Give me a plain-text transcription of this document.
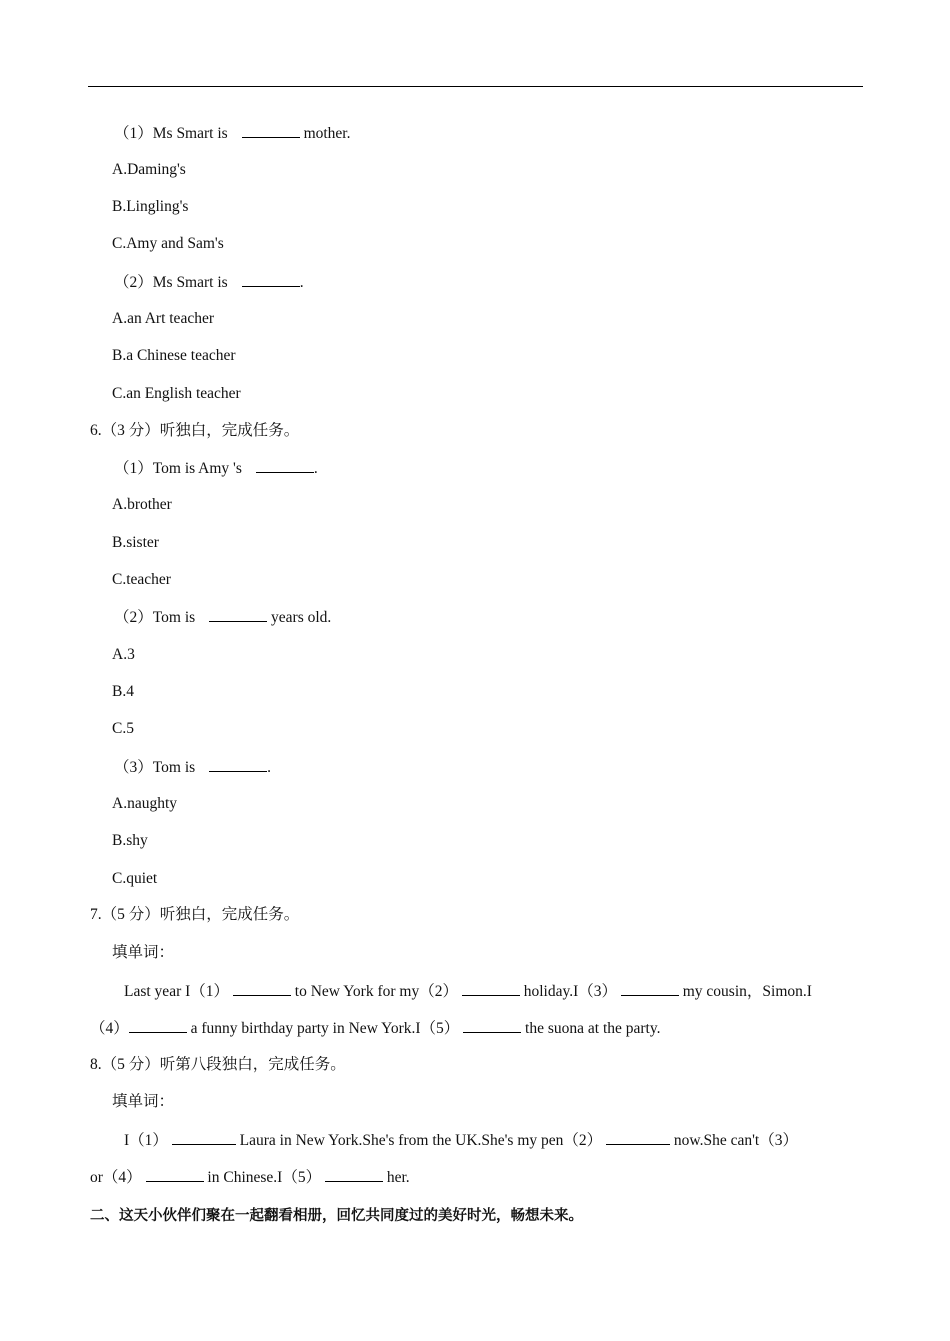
（1）Ms Smart is	mother.
A.Daming's
B.Lingling's
C.Amy and Sam's
（2）Ms Smart is	.
A.an Art teacher
B.a Chinese teacher
C.an English teacher
6.（3 分）听独白，完成任务。
（1）Tom is Amy 's	.
A.brother
B.sister
C.teacher
（2）Tom is	years old.
A.3
B.4
C.5
（3）Tom is	.
A.naughty
B.shy
C.quiet
7.（5 分）听独白，完成任务。
填单词：
Last year I（1）	to New York for my（2）	holiday.I（3）	my cousin，Simon.I
（4）	a funny birthday party in New York.I（5）	the suona at the party.
8.（5 分）听第八段独白，完成任务。
填单词：
I（1）	Laura in New York.She's from the UK.She's my pen（2）	now.She can't（3）
or（4）	in Chinese.I（5）	her.
二、这天小伙伴们聚在一起翻看相册，回忆共同度过的美好时光，畅想未来。
